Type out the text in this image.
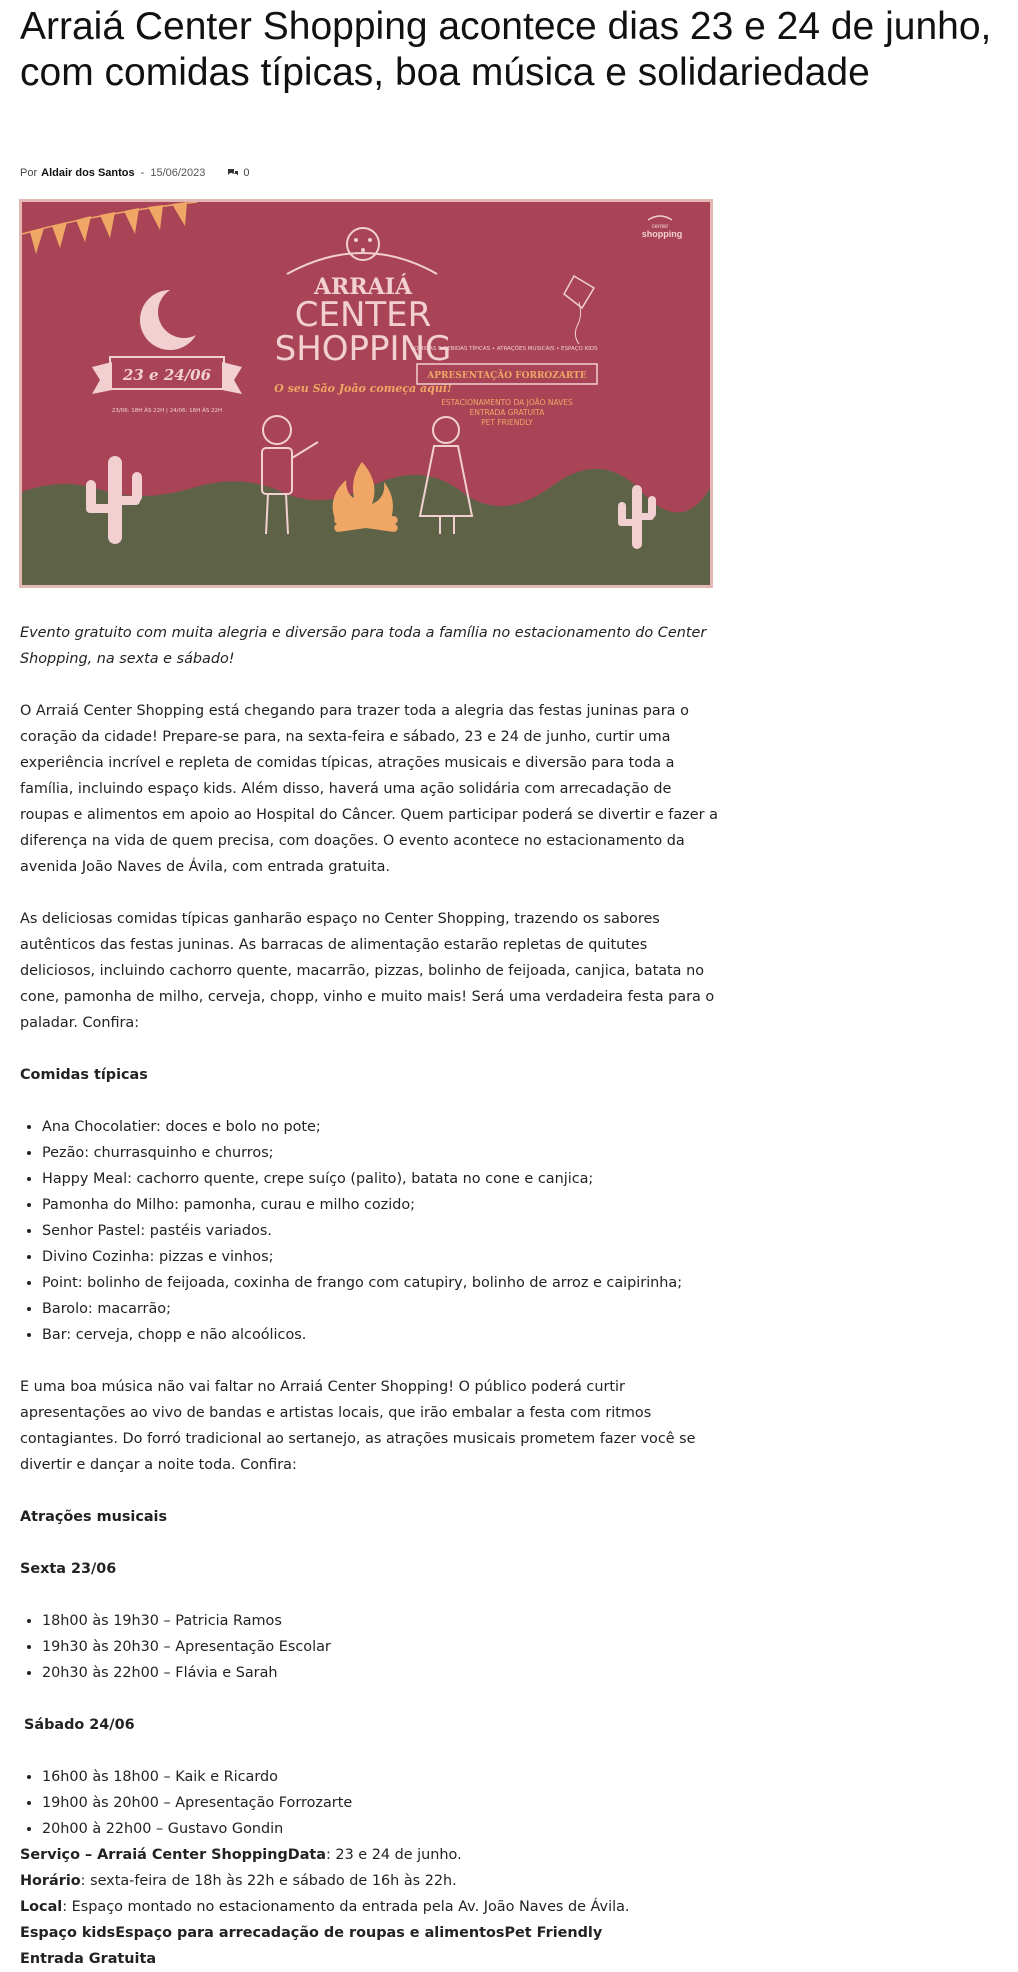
Arraiá Center Shopping acontece dias 23 e 24 de junho, com comidas típicas, boa música e solidariedade
Por Aldair dos Santos - 15/06/2023	0
center
shopping
ARRAIÁ
CENTER
SHOPPING
O seu São João começa aqui!
23 e 24/06
23/06: 18H ÀS 22H | 24/06: 16H ÀS 22H
COMIDAS E BEBIDAS TÍPICAS • ATRAÇÕES MUSICAIS • ESPAÇO KIDS
APRESENTAÇÃO FORROZARTE
ESTACIONAMENTO DA JOÃO NAVES
ENTRADA GRATUITA
PET FRIENDLY

Evento gratuito com muita alegria e diversão para toda a família no estacionamento do Center Shopping, na sexta e sábado!

O Arraiá Center Shopping está chegando para trazer toda a alegria das festas juninas para o coração da cidade! Prepare-se para, na sexta-feira e sábado, 23 e 24 de junho, curtir uma experiência incrível e repleta de comidas típicas, atrações musicais e diversão para toda a família, incluindo espaço kids. Além disso, haverá uma ação solidária com arrecadação de roupas e alimentos em apoio ao Hospital do Câncer. Quem participar poderá se divertir e fazer a diferença na vida de quem precisa, com doações. O evento acontece no estacionamento da avenida João Naves de Ávila, com entrada gratuita.

As deliciosas comidas típicas ganharão espaço no Center Shopping, trazendo os sabores autênticos das festas juninas. As barracas de alimentação estarão repletas de quitutes deliciosos, incluindo cachorro quente, macarrão, pizzas, bolinho de feijoada, canjica, batata no cone, pamonha de milho, cerveja, chopp, vinho e muito mais! Será uma verdadeira festa para o paladar. Confira:

Comidas típicas

• Ana Chocolatier: doces e bolo no pote;
• Pezão: churrasquinho e churros;
• Happy Meal: cachorro quente, crepe suíço (palito), batata no cone e canjica;
• Pamonha do Milho: pamonha, curau e milho cozido;
• Senhor Pastel: pastéis variados.
• Divino Cozinha: pizzas e vinhos;
• Point: bolinho de feijoada, coxinha de frango com catupiry, bolinho de arroz e caipirinha;
• Barolo: macarrão;
• Bar: cerveja, chopp e não alcoólicos.

E uma boa música não vai faltar no Arraiá Center Shopping! O público poderá curtir apresentações ao vivo de bandas e artistas locais, que irão embalar a festa com ritmos contagiantes. Do forró tradicional ao sertanejo, as atrações musicais prometem fazer você se divertir e dançar a noite toda. Confira:

Atrações musicais

Sexta 23/06

• 18h00 às 19h30 – Patricia Ramos
• 19h30 às 20h30 – Apresentação Escolar
• 20h30 às 22h00 – Flávia e Sarah

Sábado 24/06

• 16h00 às 18h00 – Kaik e Ricardo
• 19h00 às 20h00 – Apresentação Forrozarte
• 20h00 à 22h00 – Gustavo Gondin

Serviço – Arraiá Center ShoppingData: 23 e 24 de junho.

Horário: sexta-feira de 18h às 22h e sábado de 16h às 22h.

Local: Espaço montado no estacionamento da entrada pela Av. João Naves de Ávila.

Espaço kidsEspaço para arrecadação de roupas e alimentosPet Friendly

Entrada Gratuita
